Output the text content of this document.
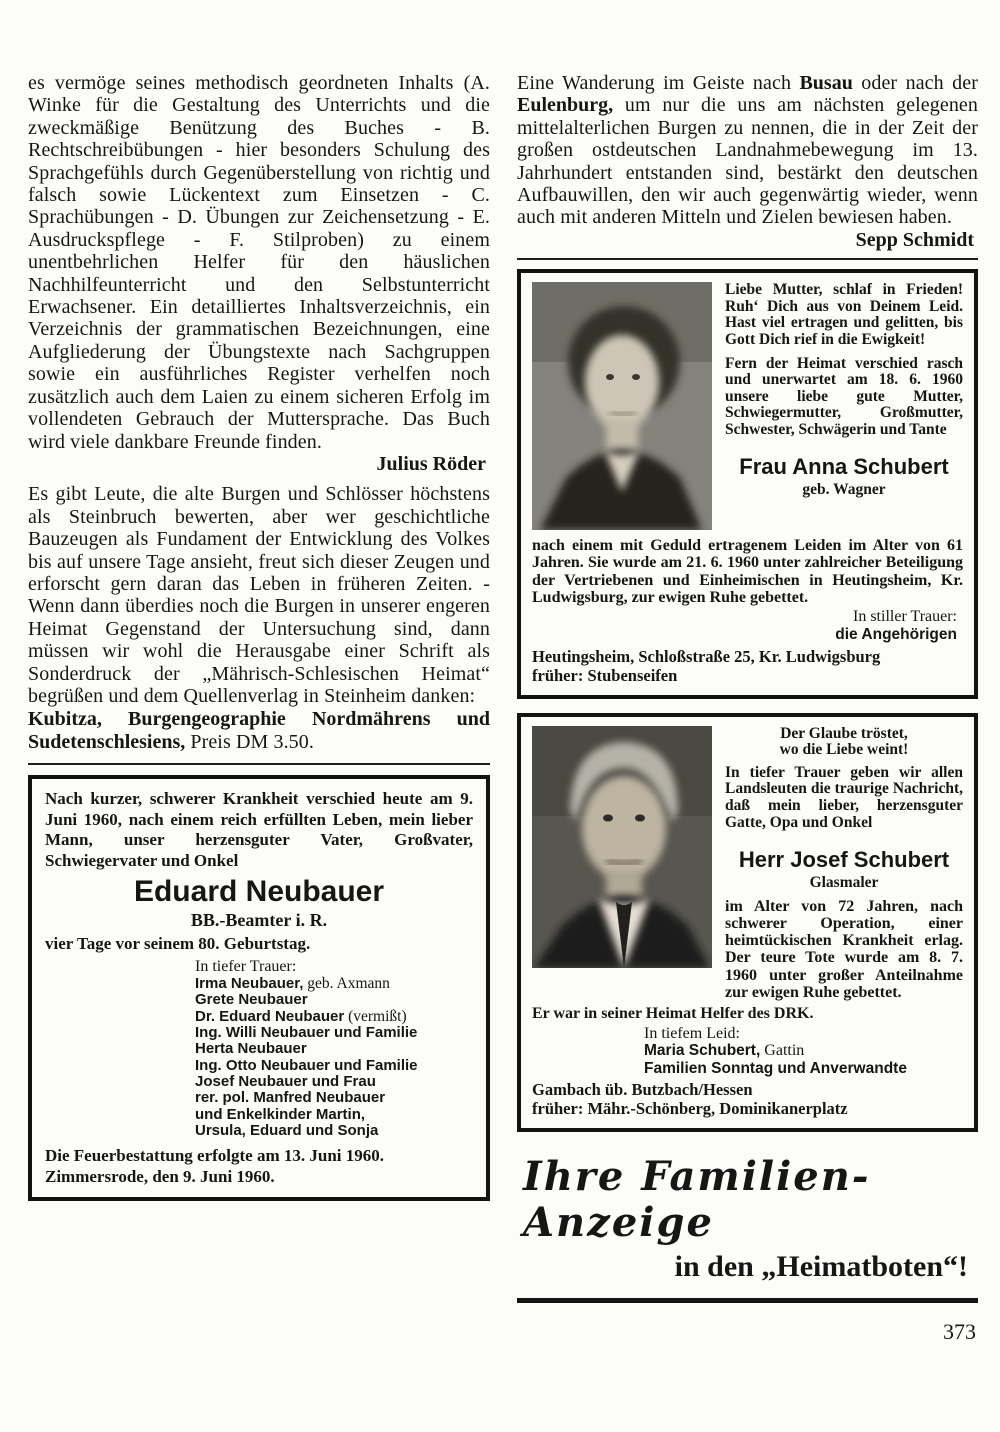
es vermöge seines methodisch geordneten Inhalts (A. Winke für die Gestaltung des Unterrichts und die zweckmäßige Benützung des Buches - B. Rechtschreibübungen - hier besonders Schulung des Sprachgefühls durch Gegenüberstellung von richtig und falsch sowie Lückentext zum Einsetzen - C. Sprachübungen - D. Übungen zur Zeichensetzung - E. Ausdruckspflege - F. Stilproben) zu einem unentbehrlichen Helfer für den häuslichen Nachhilfeunterricht und den Selbstunterricht Erwachsener. Ein detailliertes Inhaltsverzeichnis, ein Verzeichnis der grammatischen Bezeichnungen, eine Aufgliederung der Übungstexte nach Sachgruppen sowie ein ausführliches Register verhelfen noch zusätzlich auch dem Laien zu einem sicheren Erfolg im vollendeten Gebrauch der Muttersprache. Das Buch wird viele dankbare Freunde finden.

Julius Röder

Es gibt Leute, die alte Burgen und Schlösser höchstens als Steinbruch bewerten, aber wer geschichtliche Bauzeugen als Fundament der Entwicklung des Volkes bis auf unsere Tage ansieht, freut sich dieser Zeugen und erforscht gern daran das Leben in früheren Zeiten. - Wenn dann überdies noch die Burgen in unserer engeren Heimat Gegenstand der Untersuchung sind, dann müssen wir wohl die Herausgabe einer Schrift als Sonderdruck der „Mährisch-Schlesischen Heimat“ begrüßen und dem Quellenverlag in Steinheim danken:

Kubitza, Burgengeographie Nordmährens und Sudetenschlesiens, Preis DM 3.50.

Nach kurzer, schwerer Krankheit verschied heute am 9. Juni 1960, nach einem reich erfüllten Leben, mein lieber Mann, unser herzensguter Vater, Großvater, Schwiegervater und Onkel

Eduard Neubauer
BB.-Beamter i. R.
vier Tage vor seinem 80. Geburtstag.
In tiefer Trauer:
Irma Neubauer, geb. Axmann
Grete Neubauer
Dr. Eduard Neubauer (vermißt)
Ing. Willi Neubauer und Familie
Herta Neubauer
Ing. Otto Neubauer und Familie
Josef Neubauer und Frau
rer. pol. Manfred Neubauer
und Enkelkinder Martin,
Ursula, Eduard und Sonja
Die Feuerbestattung erfolgte am 13. Juni 1960.
Zimmersrode, den 9. Juni 1960.

Eine Wanderung im Geiste nach Busau oder nach der Eulenburg, um nur die uns am nächsten gelegenen mittelalterlichen Burgen zu nennen, die in der Zeit der großen ostdeutschen Landnahmebewegung im 13. Jahrhundert entstanden sind, bestärkt den deutschen Aufbauwillen, den wir auch gegenwärtig wieder, wenn auch mit anderen Mitteln und Zielen bewiesen haben.

Sepp Schmidt

Liebe Mutter, schlaf in Frieden! Ruh‘ Dich aus von Deinem Leid. Hast viel ertragen und gelitten, bis Gott Dich rief in die Ewigkeit!

Fern der Heimat verschied rasch und unerwartet am 18. 6. 1960 unsere liebe gute Mutter, Schwiegermutter, Großmutter, Schwester, Schwägerin und Tante

Frau Anna Schubert
geb. Wagner

nach einem mit Geduld ertragenem Leiden im Alter von 61 Jahren. Sie wurde am 21. 6. 1960 unter zahlreicher Beteiligung der Vertriebenen und Einheimischen in Heutingsheim, Kr. Ludwigsburg, zur ewigen Ruhe gebettet.

In stiller Trauer:
die Angehörigen
Heutingsheim, Schloßstraße 25, Kr. Ludwigsburg
früher: Stubenseifen
Der Glaube tröstet,
wo die Liebe weint!

In tiefer Trauer geben wir allen Landsleuten die traurige Nachricht, daß mein lieber, herzensguter Gatte, Opa und Onkel

Herr Josef Schubert
Glasmaler

im Alter von 72 Jahren, nach schwerer Operation, einer heimtückischen Krankheit erlag. Der teure Tote wurde am 8. 7. 1960 unter großer Anteilnahme zur ewigen Ruhe gebettet.

Er war in seiner Heimat Helfer des DRK.
In tiefem Leid:
Maria Schubert, Gattin
Familien Sonntag und Anverwandte
Gambach üb. Butzbach/Hessen
früher: Mähr.-Schönberg, Dominikanerplatz
Ihre Familien-Anzeige
in den „Heimatboten“!
373
